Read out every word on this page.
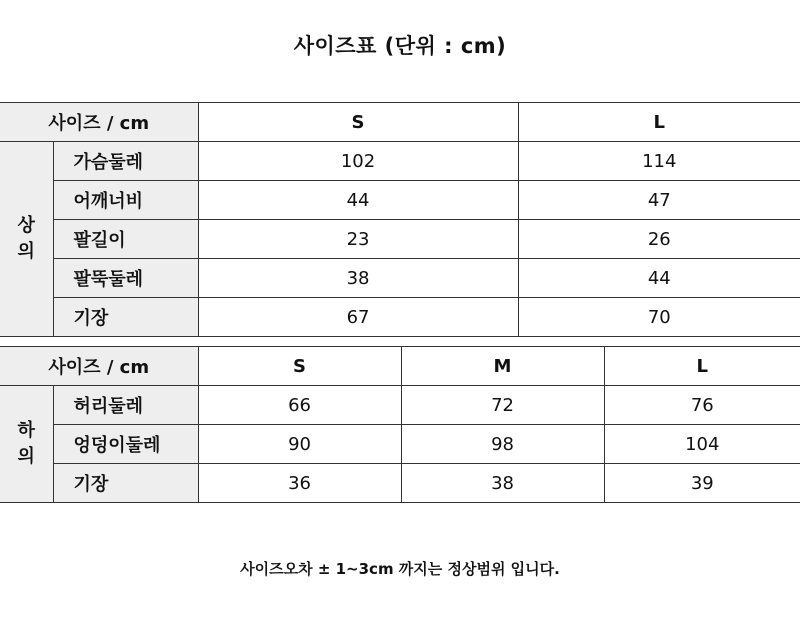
사이즈표 (단위 : cm)
사이즈 / cm		S	L

상
의	가슴둘레	102	114
	어깨너비	44	47
	팔길이	23	26
	팔뚝둘레	38	44
	기장	67	70
사이즈 / cm		S	M	L

하
의	허리둘레	66	72	76
	엉덩이둘레	90	98	104
	기장	36	38	39
사이즈오차 ± 1~3cm 까지는 정상범위 입니다.
